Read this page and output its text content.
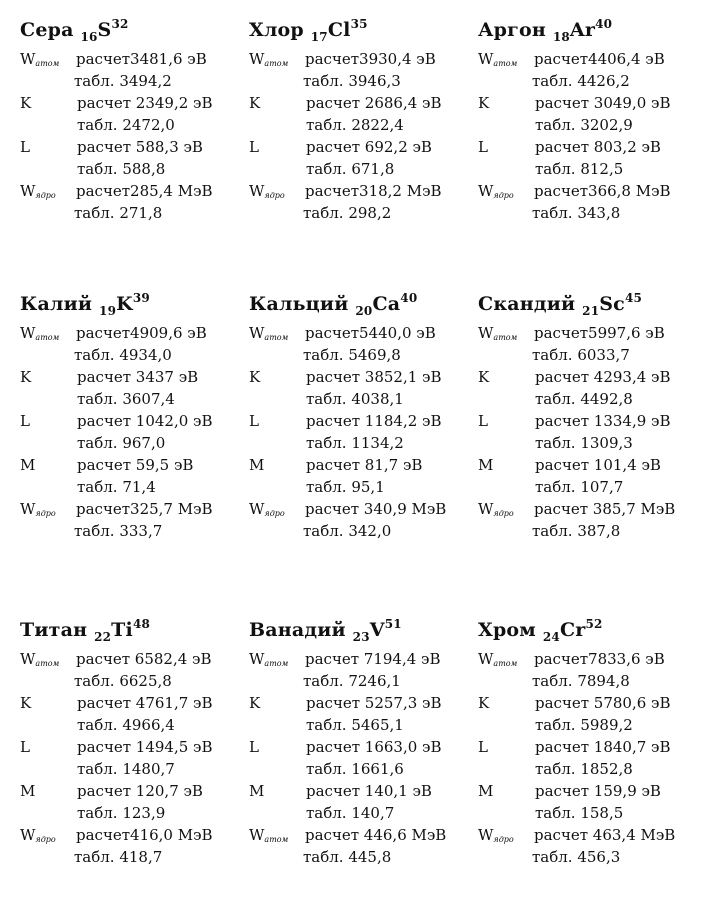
Сера $_{16}S^{32}$
$W_{атом}$ расчет3481,6 эВ
табл. 3494,2
K	расчет 2349,2 эВ
табл. 2472,0
L	расчет 588,3 эВ
табл. 588,8
$W_{ядро}$ расчет285,4 МэВ
табл. 271,8
Хлор $_{17}Cl^{35}$
$W_{атом}$ расчет3930,4 эВ
табл. 3946,3
K	расчет 2686,4 эВ
табл. 2822,4
L	расчет 692,2 эВ
табл. 671,8
$W_{ядро}$ расчет318,2 МэВ
табл. 298,2
Аргон $_{18}Ar^{40}$
$W_{атом}$ расчет4406,4 эВ
табл. 4426,2
K	расчет 3049,0 эВ
табл. 3202,9
L	расчет 803,2 эВ
табл. 812,5
$W_{ядро}$ расчет366,8 МэВ
табл. 343,8
Калий $_{19}K^{39}$
$W_{атом}$ расчет4909,6 эВ
табл. 4934,0
K	расчет 3437 эВ
табл. 3607,4
L	расчет 1042,0 эВ
табл. 967,0
M	расчет 59,5 эВ
табл. 71,4
$W_{ядро}$ расчет325,7 МэВ
табл. 333,7
Кальций $_{20}Ca^{40}$
$W_{атом}$ расчет5440,0 эВ
табл. 5469,8
K	расчет 3852,1 эВ
табл. 4038,1
L	расчет 1184,2 эВ
табл. 1134,2
M	расчет 81,7 эВ
табл. 95,1
$W_{ядро}$ расчет 340,9 МэВ
табл. 342,0
Скандий $_{21}Sc^{45}$
$W_{атом}$ расчет5997,6 эВ
табл. 6033,7
K	расчет 4293,4 эВ
табл. 4492,8
L	расчет 1334,9 эВ
табл. 1309,3
M	расчет 101,4 эВ
табл. 107,7
$W_{ядро}$ расчет 385,7 МэВ
табл. 387,8
Титан $_{22}Ti^{48}$
$W_{атом}$ расчет 6582,4 эВ
табл. 6625,8
K	расчет 4761,7 эВ
табл. 4966,4
L	расчет 1494,5 эВ
табл. 1480,7
M	расчет 120,7 эВ
табл. 123,9
$W_{ядро}$ расчет416,0 МэВ
табл. 418,7
Ванадий $_{23}V^{51}$
$W_{атом}$ расчет 7194,4 эВ
табл. 7246,1
K	расчет 5257,3 эВ
табл. 5465,1
L	расчет 1663,0 эВ
табл. 1661,6
M	расчет 140,1 эВ
табл. 140,7
$W_{атом}$ расчет 446,6 МэВ
табл. 445,8
Хром $_{24}Cr^{52}$
$W_{атом}$ расчет7833,6 эВ
табл. 7894,8
K	расчет 5780,6 эВ
табл. 5989,2
L	расчет 1840,7 эВ
табл. 1852,8
M	расчет 159,9 эВ
табл. 158,5
$W_{ядро}$ расчет 463,4 МэВ
табл. 456,3
